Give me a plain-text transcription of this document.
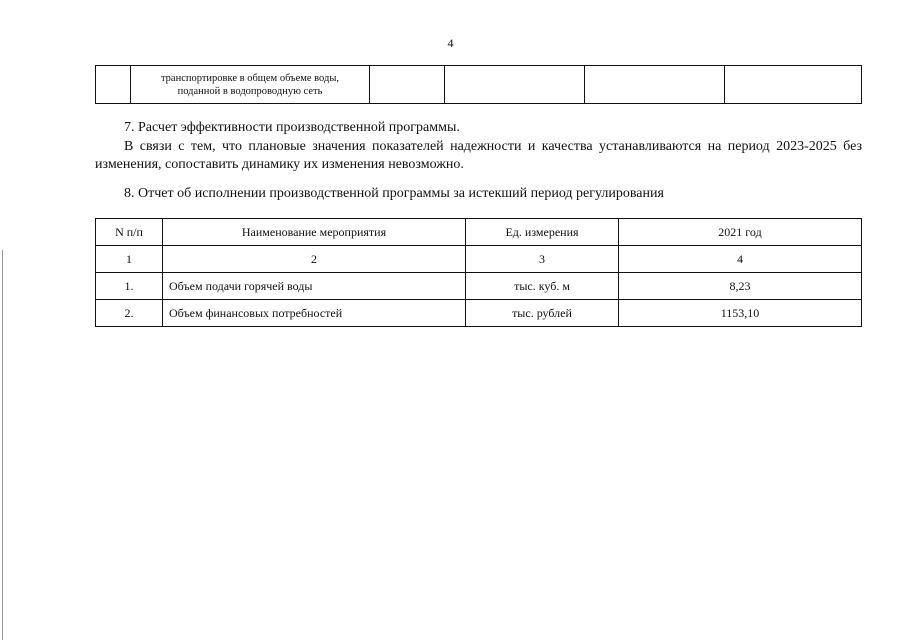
4

транспортировке в общем объеме воды,
поданной в водопроводную сеть

7. Расчет эффективности производственной программы.

В связи с тем, что плановые значения показателей надежности и качества устанавливаются на период 2023-2025 без изменения, сопоставить динамику их изменения невозможно.

8. Отчет об исполнении производственной программы за истекший период регулирования
N п/п	Наименование мероприятия	Ед. измерения	2021 год
1	2	3	4
1.	Объем подачи горячей воды	тыс. куб. м	8,23
2.	Объем финансовых потребностей	тыс. рублей	1153,10
